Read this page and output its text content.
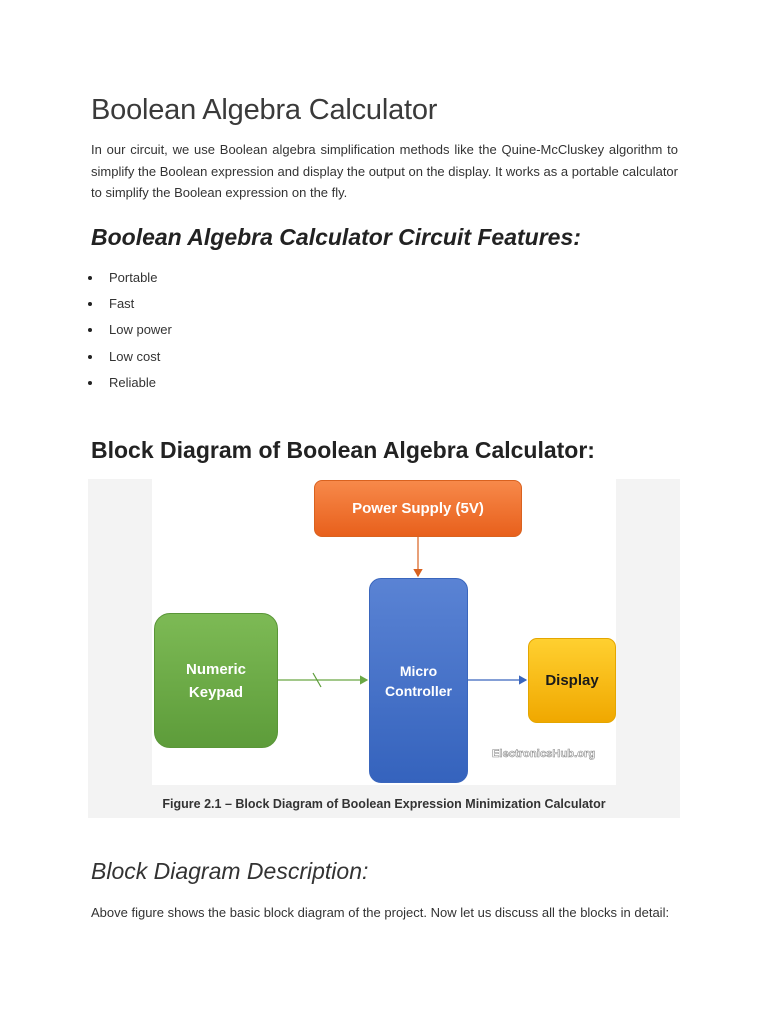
Boolean Algebra Calculator

In our circuit, we use Boolean algebra simplification methods like the Quine-McCluskey algorithm to simplify the Boolean expression and display the output on the display. It works as a portable calculator to simplify the Boolean expression on the fly.

Boolean Algebra Calculator Circuit Features:
Portable
Fast
Low power
Low cost
Reliable
Block Diagram of Boolean Algebra Calculator:
Power Supply (5V)
Numeric
Keypad
Micro
Controller
Display
ElectronicsHub.org

Figure 2.1 – Block Diagram of Boolean Expression Minimization Calculator

Block Diagram Description:

Above figure shows the basic block diagram of the project. Now let us discuss all the blocks in detail:
